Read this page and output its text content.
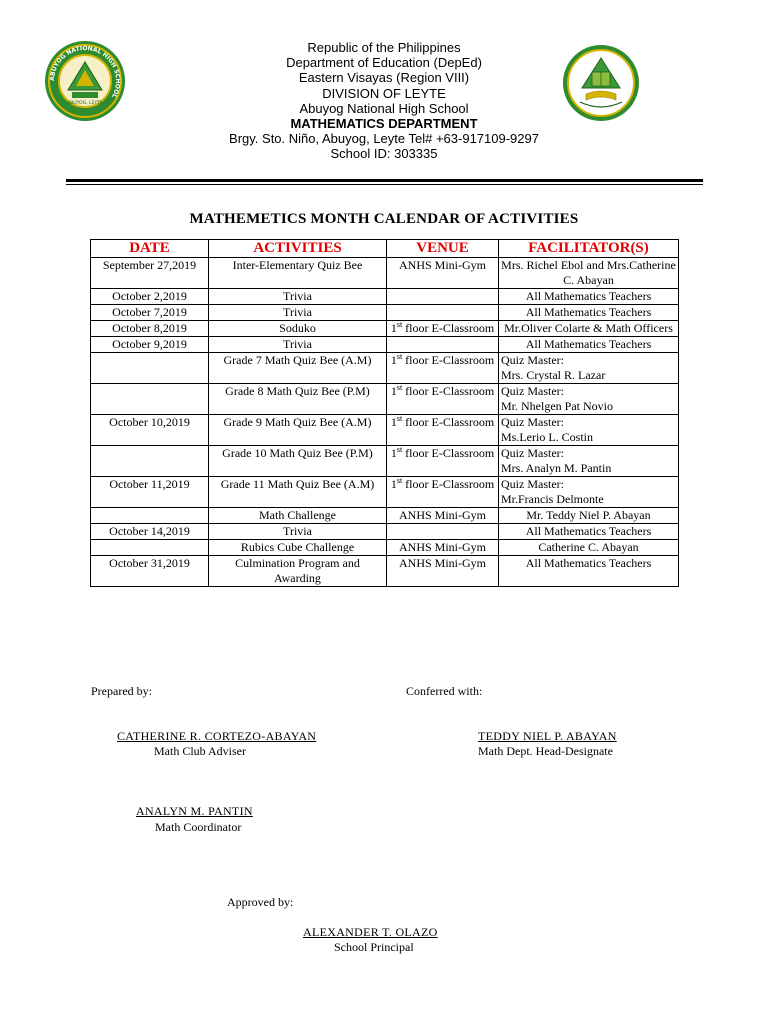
ABUYOG NATIONAL HIGH SCHOOL
ABUYOG, LEYTE
Republic of the Philippines
Department of Education (DepEd)
Eastern Visayas (Region VIII)
DIVISION OF LEYTE
Abuyog National High School
MATHEMATICS DEPARTMENT
Brgy. Sto. Niño, Abuyog, Leyte Tel# +63-917109-9297
School ID: 303335
MATHEMETICS MONTH CALENDAR OF ACTIVITIES
DATE	ACTIVITIES	VENUE	FACILITATOR(S)
September 27,2019	Inter-Elementary Quiz Bee	ANHS Mini-Gym	Mrs. Richel Ebol and Mrs.Catherine C. Abayan

October 2,2019	Trivia		All Mathematics Teachers

October 7,2019	Trivia		All Mathematics Teachers

October 8,2019	Soduko	1st floor E-Classroom	Mr.Oliver Colarte & Math Officers

October 9,2019	Trivia		All Mathematics Teachers

	Grade 7 Math Quiz Bee (A.M)	1st floor E-Classroom	Quiz Master:
Mrs. Crystal R. Lazar

	Grade 8 Math Quiz Bee (P.M)	1st floor E-Classroom	Quiz Master:
Mr. Nhelgen Pat Novio

October 10,2019	Grade 9 Math Quiz Bee (A.M)	1st floor E-Classroom	Quiz Master:
Ms.Lerio L. Costin

	Grade 10 Math Quiz Bee (P.M)	1st floor E-Classroom	Quiz Master:
Mrs. Analyn M. Pantin

October 11,2019	Grade 11 Math Quiz Bee (A.M)	1st floor E-Classroom	Quiz Master:
Mr.Francis Delmonte

	Math Challenge	ANHS Mini-Gym	Mr. Teddy Niel P. Abayan

October 14,2019	Trivia		All Mathematics Teachers

	Rubics Cube Challenge	ANHS Mini-Gym	Catherine C. Abayan

October 31,2019	Culmination Program and Awarding	ANHS Mini-Gym	All Mathematics Teachers
Prepared by:	Conferred with:
CATHERINE R. CORTEZO-ABAYAN
Math Club Adviser
TEDDY NIEL P. ABAYAN
Math Dept. Head-Designate
ANALYN M. PANTIN
Math Coordinator
Approved by:
ALEXANDER T. OLAZO
School Principal
